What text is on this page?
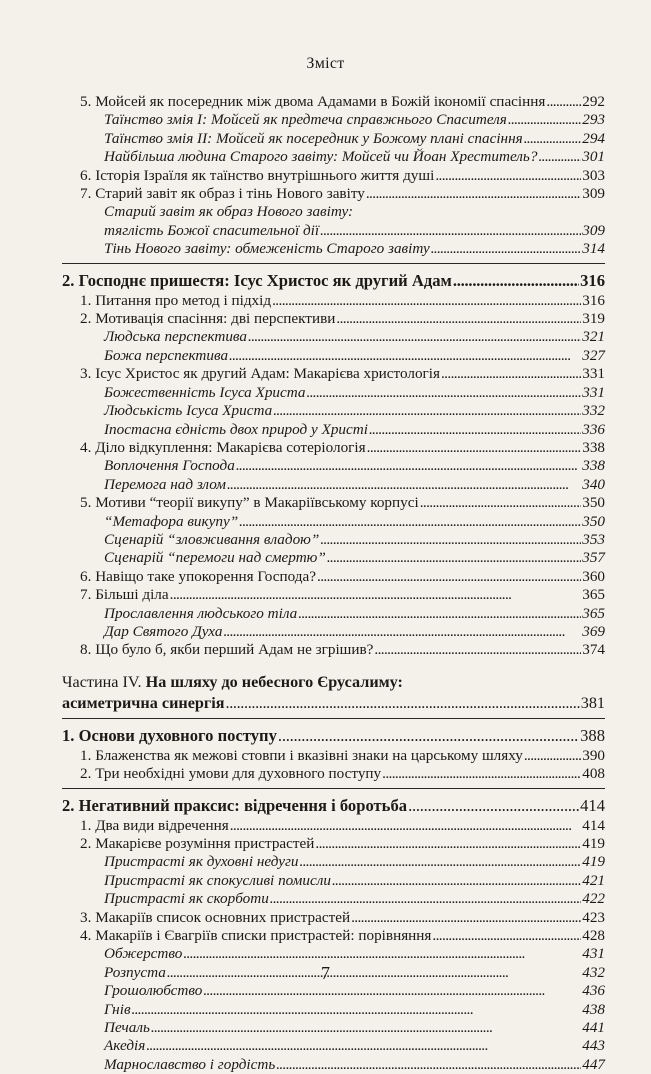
Зміст
5. Мойсей як посередник між двома Адамами в Божій ікономії спасіння . . . 292
Таїнство змія І: Мойсей як предтеча справжнього Спасителя . . .	293
Таїнство змія ІІ: Мойсей як посередник у Божому плані спасіння . . .	294
Найбільша людина Старого завіту: Мойсей чи Йоан Хреститель? . . .	301
6. Історія Ізраїля як таїнство внутрішнього життя душі . . .	303
7. Старий завіт як образ і тінь Нового завіту . . .	309
Старий завіт як образ Нового завіту:
тяглість Божої спасительної дії . . .	309
Тінь Нового завіту: обмеженість Старого завіту . . .	314
2. Господнє пришестя: Ісус Христос як другий Адам . . .	316
1. Питання про метод і підхід . . .	316
2. Мотивація спасіння: дві перспективи . . .	319
Людська перспектива . . .	321
Божа перспектива . . .	327
3. Ісус Христос як другий Адам: Макарієва христологія . . .	331
Божественність Ісуса Христа . . .	331
Людськість Ісуса Христа . . .	332
Іпостасна єдність двох природ у Христі . . .	336
4. Діло відкуплення: Макарієва сотеріологія . . .	338
Воплочення Господа . . .	338
Перемога над злом . . .	340
5. Мотиви “теорії викупу” в Макаріївському корпусі . . .	350
“Метафора викупу” . . .	350
Сценарій “зловживання владою” . . .	353
Сценарій “перемоги над смертю” . . .	357
6. Навіщо таке упокорення Господа? . . .	360
7. Більші діла . . .	365
Прославлення людського тіла . . .	365
Дар Святого Духа . . .	369
8. Що було б, якби перший Адам не згрішив? . . .	374
Частина IV. На шляху до небесного Єрусалиму:
асиметрична синергія . . .	381
1. Основи духовного поступу . . .	388
1. Блаженства як межові стовпи і вказівні знаки на царському шляху . . .	390
2. Три необхідні умови для духовного поступу . . .	408
2. Негативний праксис: відречення і боротьба . . .	414
1. Два види відречення . . .	414
2. Макарієве розуміння пристрастей . . .	419
Пристрасті як духовні недуги . . .	419
Пристрасті як спокусливі помисли . . .	421
Пристрасті як скорботи . . .	422
3. Макаріїв список основних пристрастей . . .	423
4. Макаріїв і Євагріїв списки пристрастей: порівняння . . .	428
Обжерство . . .	431
Розпуста . . .	432
Грошолюбство . . .	436
Гнів . . .	438
Печаль . . .	441
Акедія . . .	443
Марнославство і гордість . . .	447
7
